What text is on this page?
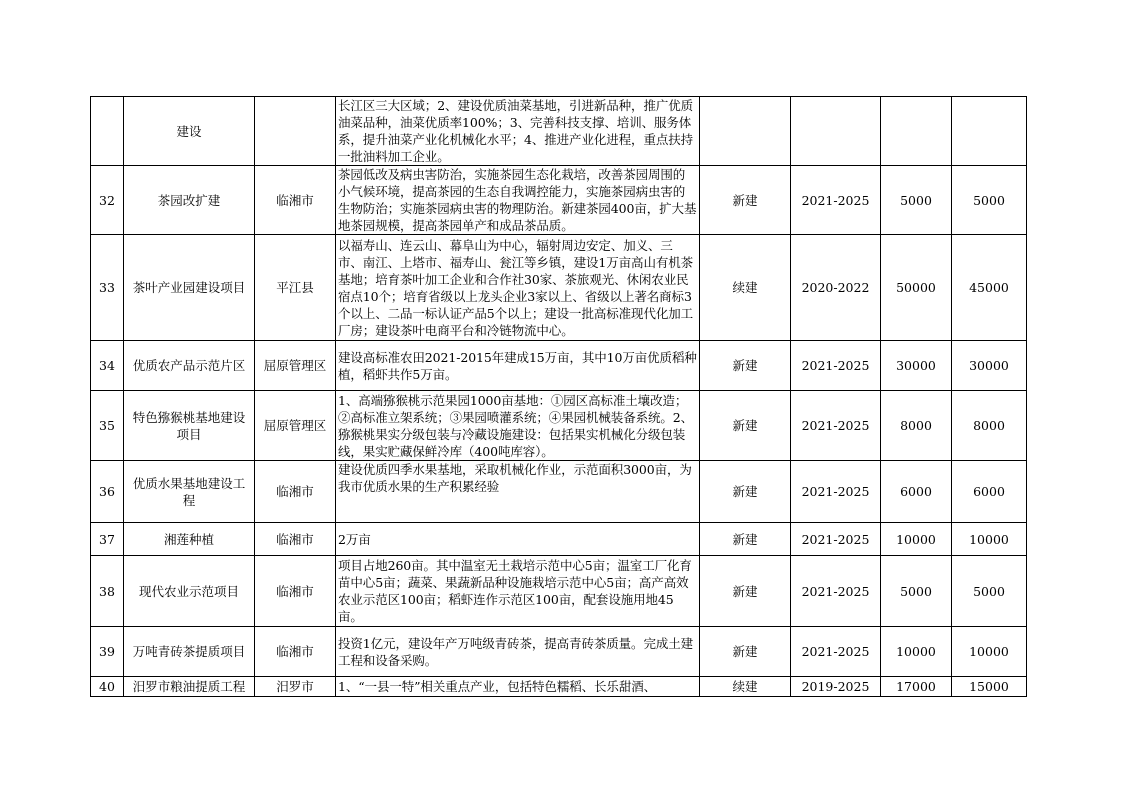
	建设		长江区三大区域；2、建设优质油菜基地，引进新品种，推广优质油菜品种，油菜优质率100%；3、完善科技支撑、培训、服务体系，提升油菜产业化机械化水平；4、推进产业化进程，重点扶持一批油料加工企业。				
32	茶园改扩建	临湘市	茶园低改及病虫害防治，实施茶园生态化栽培，改善茶园周围的小气候环境，提高茶园的生态自我调控能力，实施茶园病虫害的生物防治；实施茶园病虫害的物理防治。新建茶园400亩，扩大基地茶园规模，提高茶园单产和成品茶品质。	新建	2021-2025	5000	5000
33	茶叶产业园建设项目	平江县	以福寿山、连云山、幕阜山为中心，辐射周边安定、加义、三市、南江、上塔市、福寿山、瓮江等乡镇，建设1万亩高山有机茶基地；培育茶叶加工企业和合作社30家、茶旅观光、休闲农业民宿点10个；培育省级以上龙头企业3家以上、省级以上著名商标3个以上、二品一标认证产品5个以上；建设一批高标准现代化加工厂房；建设茶叶电商平台和冷链物流中心。	续建	2020-2022	50000	45000
34	优质农产品示范片区	屈原管理区	建设高标准农田2021-2015年建成15万亩，其中10万亩优质稻种植，稻虾共作5万亩。	新建	2021-2025	30000	30000
35	特色猕猴桃基地建设项目	屈原管理区	1、高端猕猴桃示范果园1000亩基地：①园区高标准土壤改造；②高标准立架系统；③果园喷灌系统；④果园机械装备系统。2、猕猴桃果实分级包装与冷藏设施建设：包括果实机械化分级包装线，果实贮藏保鲜冷库（400吨库容）。	新建	2021-2025	8000	8000
36	优质水果基地建设工程	临湘市	建设优质四季水果基地，采取机械化作业，示范面积3000亩，为我市优质水果的生产积累经验	新建	2021-2025	6000	6000
37	湘莲种植	临湘市	2万亩	新建	2021-2025	10000	10000
38	现代农业示范项目	临湘市	项目占地260亩。其中温室无土栽培示范中心5亩；温室工厂化育苗中心5亩；蔬菜、果蔬新品种设施栽培示范中心5亩；高产高效农业示范区100亩；稻虾连作示范区100亩，配套设施用地45亩。	新建	2021-2025	5000	5000
39	万吨青砖茶提质项目	临湘市	投资1亿元，建设年产万吨级青砖茶，提高青砖茶质量。完成土建工程和设备采购。	新建	2021-2025	10000	10000
40	汨罗市粮油提质工程	汨罗市	1、“一县一特”相关重点产业，包括特色糯稻、长乐甜酒、	续建	2019-2025	17000	15000
